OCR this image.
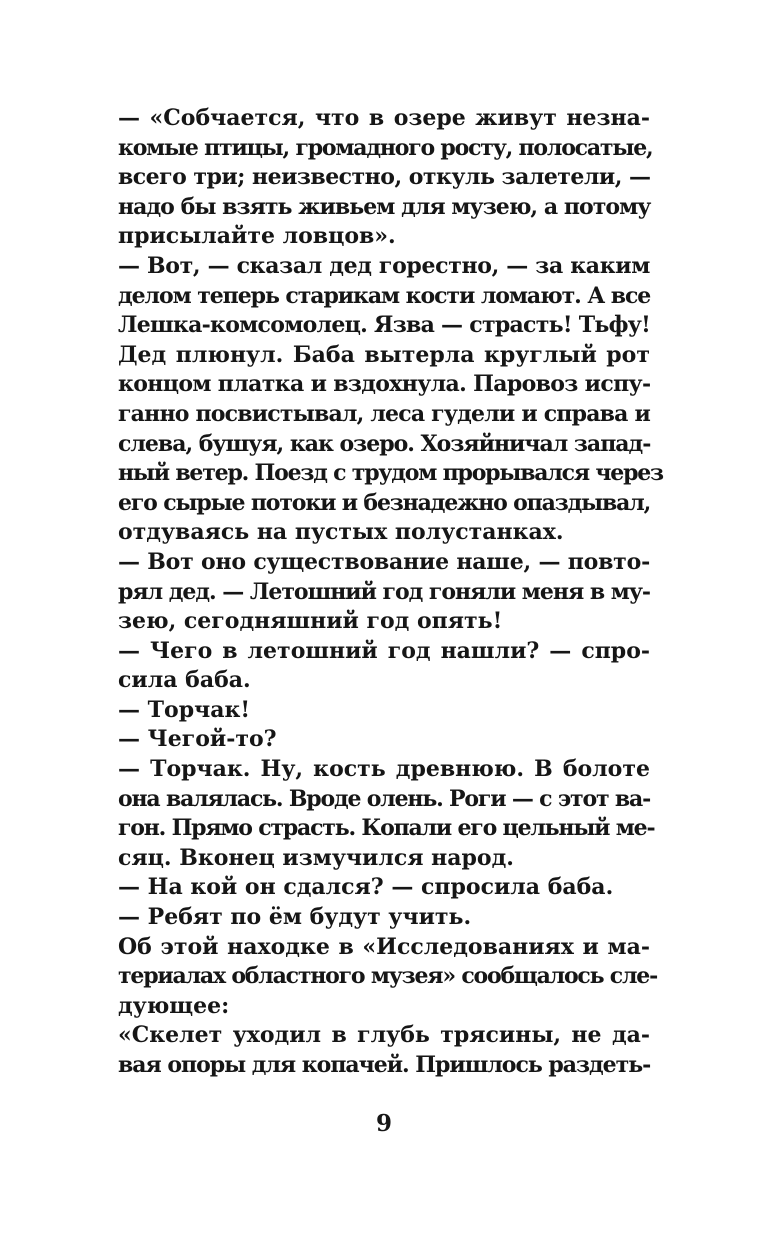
— «Собчается, что в озере живут незна-
комые птицы, громадного росту, полосатые,
всего три; неизвестно, откуль залетели, —
надо бы взять живьем для музею, а потому
присылайте ловцов».
— Вот, — сказал дед горестно, — за каким
делом теперь старикам кости ломают. А все
Лешка-комсомолец. Язва — страсть! Тьфу!
Дед плюнул. Баба вытерла круглый рот
концом платка и вздохнула. Паровоз испу-
ганно посвистывал, леса гудели и справа и
слева, бушуя, как озеро. Хозяйничал запад-
ный ветер. Поезд с трудом прорывался через
его сырые потоки и безнадежно опаздывал,
отдуваясь на пустых полустанках.
— Вот оно существование наше, — повто-
рял дед. — Летошний год гоняли меня в му-
зею, сегодняшний год опять!
— Чего в летошний год нашли? — спро-
сила баба.
— Торчак!
— Чегой-то?
— Торчак. Ну, кость древнюю. В болоте
она валялась. Вроде олень. Роги — с этот ва-
гон. Прямо страсть. Копали его цельный ме-
сяц. Вконец измучился народ.
— На кой он сдался? — спросила баба.
— Ребят по ём будут учить.
Об этой находке в «Исследованиях и ма-
териалах областного музея» сообщалось сле-
дующее:
«Скелет уходил в глубь трясины, не да-
вая опоры для копачей. Пришлось раздеть-
9
